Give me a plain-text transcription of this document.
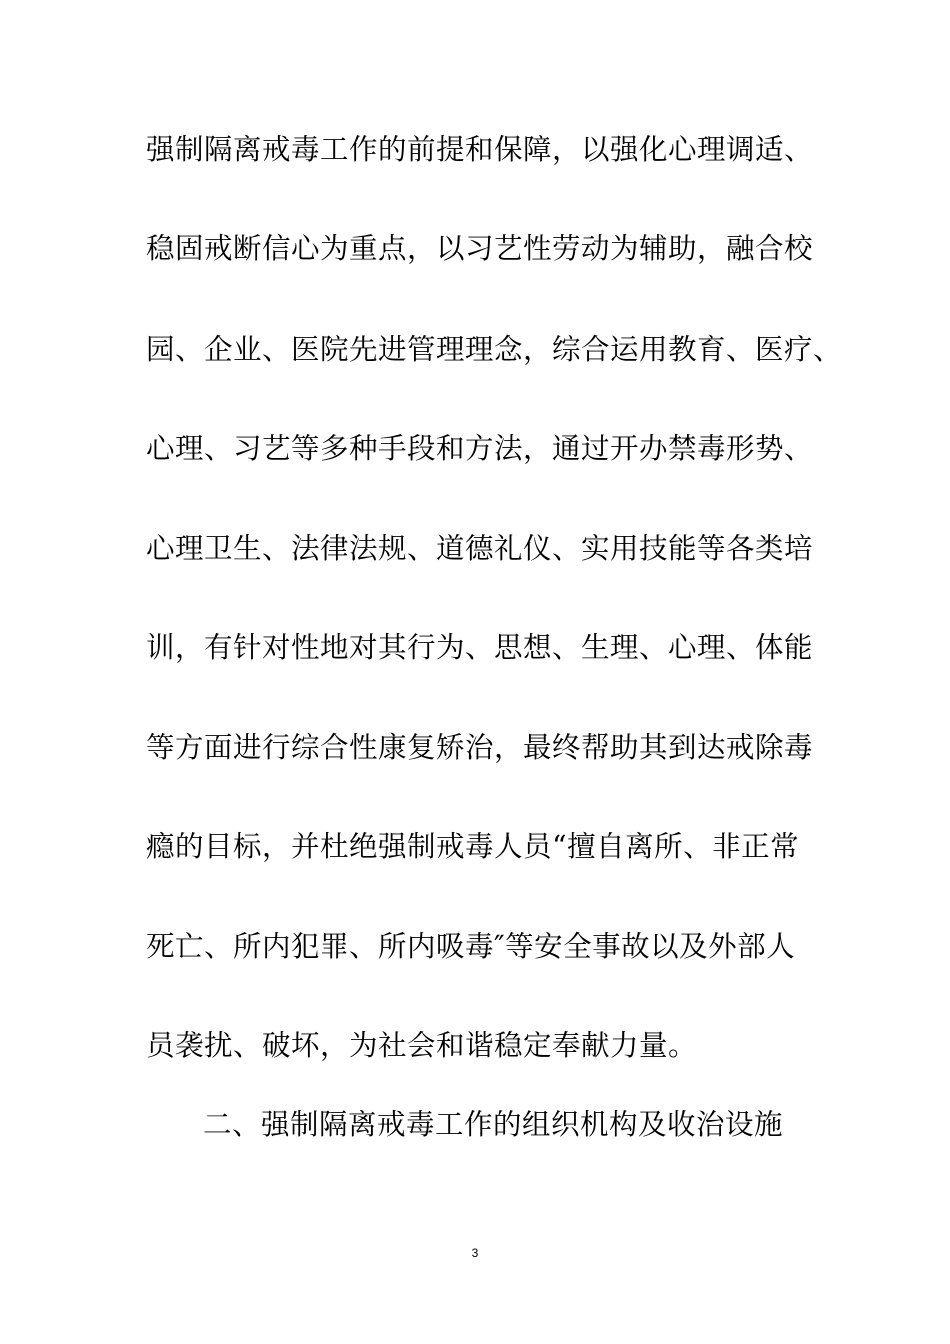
强制隔离戒毒工作的前提和保障，以强化心理调适、
稳固戒断信心为重点，以习艺性劳动为辅助，融合校
园、企业、医院先进管理理念，综合运用教育、医疗、
心理、习艺等多种手段和方法，通过开办禁毒形势、
心理卫生、法律法规、道德礼仪、实用技能等各类培
训，有针对性地对其行为、思想、生理、心理、体能
等方面进行综合性康复矫治，最终帮助其到达戒除毒
瘾的目标，并杜绝强制戒毒人员“擅自离所、非正常
死亡、所内犯罪、所内吸毒″等安全事故以及外部人
员袭扰、破坏，为社会和谐稳定奉献力量。
二、强制隔离戒毒工作的组织机构及收治设施
3
